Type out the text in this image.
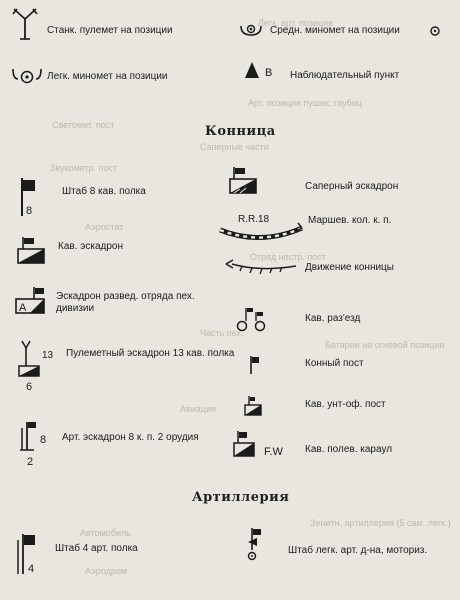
Легк. арт. позиция
Арт. позиция пушек, гаубиц
Светомет. пост
Саперные части
Звукометр. пост
Аэростат
Отряд нестр. пост
Батареи на огневой позиции
Часть пех.
Авиация
Автомобиль
Аэродром
Зенитн. артиллерия (5 сам. легк.)
Станк. пулемет на позиции	Средн. миномет на позиции
Легк. миномет на позиции	В Наблюдательный пункт
Конница
8
Штаб 8 кав. полка	Саперный эскадрон
Кав. эскадрон
R.R.18	Маршев. кол. к. п.
Движение конницы
A
Эскадрон развед. отряда пех. дивизии
Кав. раз'езд
13
6
Пулеметный эскадрон 13 кав. полка
Конный пост
Кав. унт-оф. пост
8
2
Арт. эскадрон 8 к. п. 2 орудия
F.W Кав. полев. караул
Артиллерия
4
Штаб 4 арт. полка	Штаб легк. арт. д-на, моториз.
